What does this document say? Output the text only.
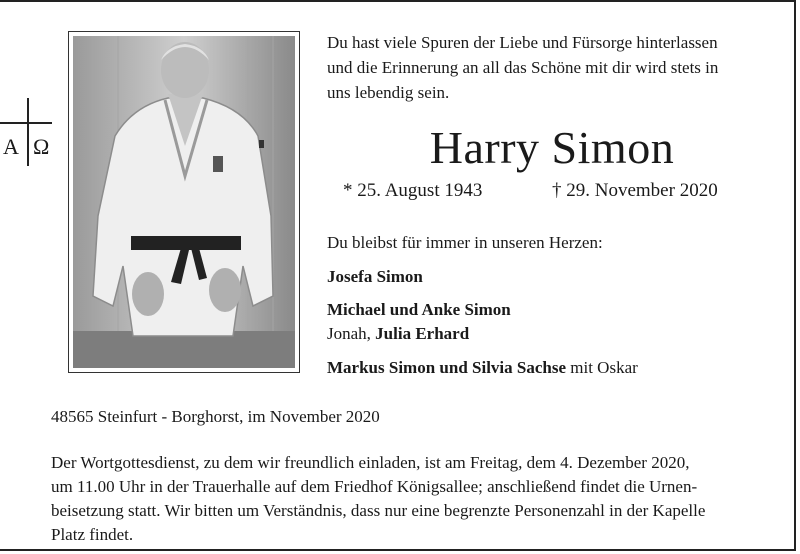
A Ω
Du hast viele Spuren der Liebe und Fürsorge hinterlassen
und die Erinnerung an all das Schöne mit dir wird stets in
uns lebendig sein.
Harry Simon
* 25. August 1943	† 29. November 2020
Du bleibst für immer in unseren Herzen:
Josefa Simon
Michael und Anke Simon
Jonah, Julia Erhard
Markus Simon und Silvia Sachse mit Oskar
48565 Steinfurt - Borghorst, im November 2020
Der Wortgottesdienst, zu dem wir freundlich einladen, ist am Freitag, dem 4. Dezember 2020,
um 11.00 Uhr in der Trauerhalle auf dem Friedhof Königsallee; anschließend findet die Urnen-
beisetzung statt. Wir bitten um Verständnis, dass nur eine begrenzte Personenzahl in der Kapelle
Platz findet.
